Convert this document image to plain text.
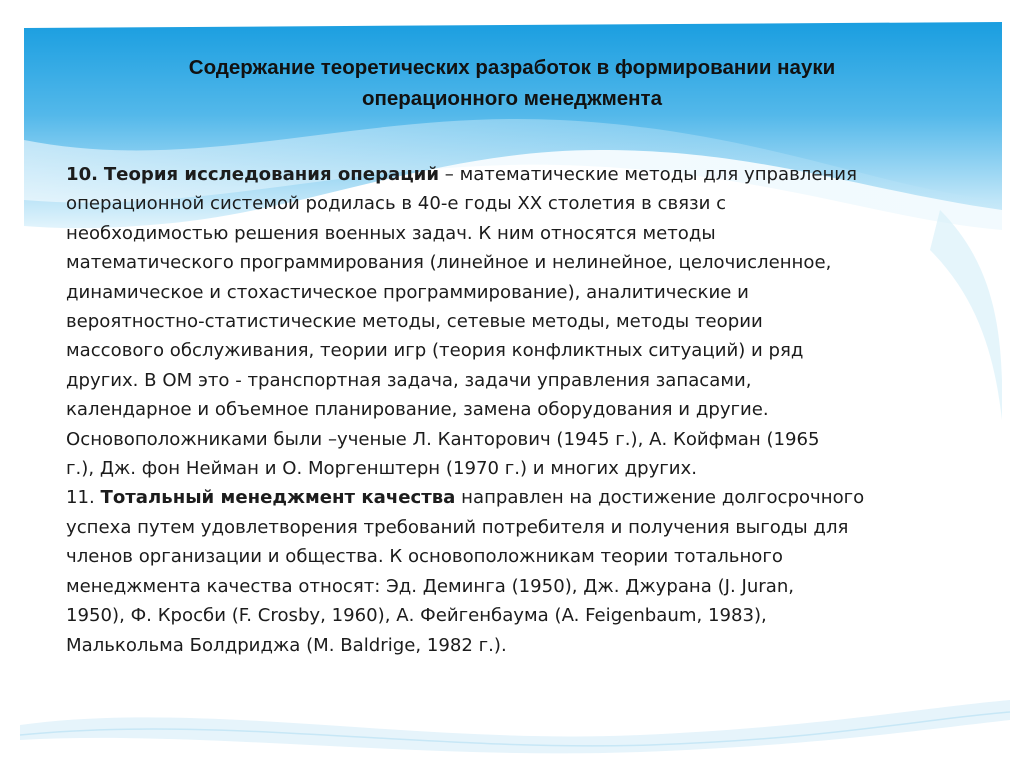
Содержание теоретических разработок в формировании науки
операционного менеджмента
10. Теория исследования операций – математические методы для управления
операционной системой родилась в 40-е годы XX столетия в связи с
необходимостью решения военных задач. К ним относятся методы
математического программирования (линейное и нелинейное, целочисленное,
динамическое и стохастическое программирование), аналитические и
вероятностно-статистические методы, сетевые методы, методы теории
массового обслуживания, теории игр (теория конфликтных ситуаций) и ряд
других. В ОМ это - транспортная задача, задачи управления запасами,
календарное и объемное планирование, замена оборудования и другие.
Основоположниками были –ученые Л. Канторович (1945 г.), А. Койфман (1965
г.), Дж. фон Нейман и О. Моргенштерн (1970 г.) и многих других.
11. Тотальный менеджмент качества направлен на достижение долгосрочного
успеха путем удовлетворения требований потребителя и получения выгоды для
членов организации и общества. К основоположникам теории тотального
менеджмента качества относят: Эд. Деминга (1950), Дж. Джурана (J. Juran,
1950), Ф. Кросби (F. Crosby, 1960), А. Фейгенбаума (A. Feigenbaum, 1983),
Малькольма Болдриджа (M. Baldrige, 1982 г.).
